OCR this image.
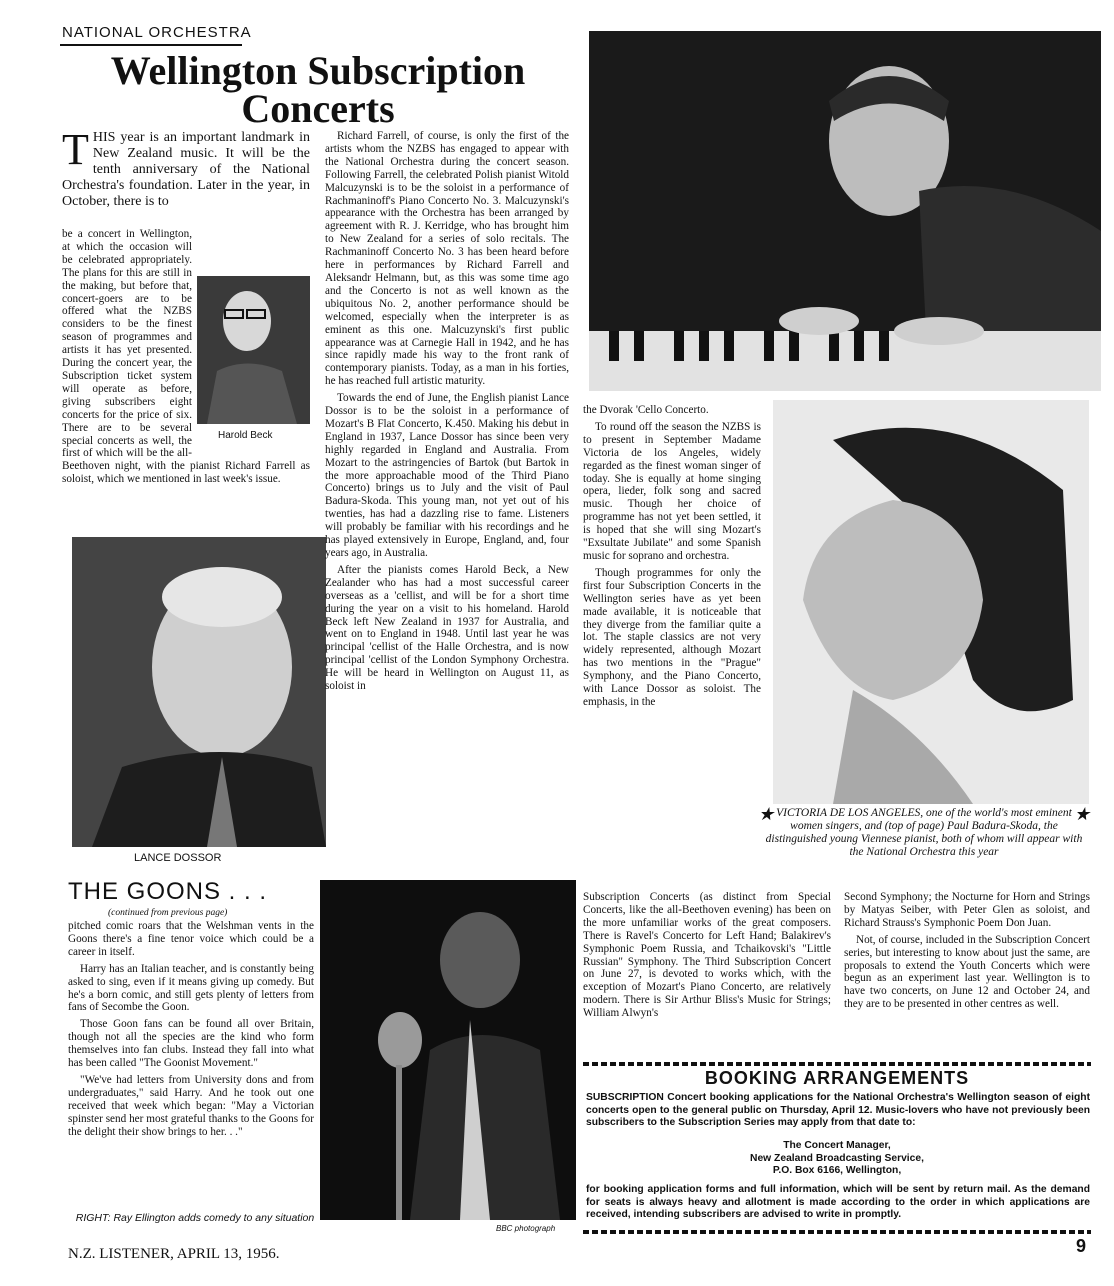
NATIONAL ORCHESTRA
Wellington Subscription
Concerts
THIS year is an important landmark in New Zealand music. It will be the tenth anniversary of the National Orchestra's foundation. Later in the year, in October, there is to
Harold Beck
be a concert in Wellington, at which the occasion will be celebrated appropriately. The plans for this are still in the making, but before that, concert-goers are to be offered what the NZBS considers to be the finest season of programmes and artists it has yet presented. During the concert year, the Subscription ticket system will operate as before, giving subscribers eight concerts for the price of six. There are to be several special concerts as well, the first of which will be the all-Beethoven night, with the pianist Richard Farrell as soloist, which we mentioned in last week's issue.
LANCE DOSSOR

Richard Farrell, of course, is only the first of the artists whom the NZBS has engaged to appear with the National Orchestra during the concert season. Following Farrell, the celebrated Polish pianist Witold Malcuzynski is to be the soloist in a performance of Rachmaninoff's Piano Concerto No. 3. Malcuzynski's appearance with the Orchestra has been arranged by agreement with R. J. Kerridge, who has brought him to New Zealand for a series of solo recitals. The Rachmaninoff Concerto No. 3 has been heard before here in performances by Richard Farrell and Aleksandr Helmann, but, as this was some time ago and the Concerto is not as well known as the ubiquitous No. 2, another performance should be welcomed, especially when the interpreter is as eminent as this one. Malcuzynski's first public appearance was at Carnegie Hall in 1942, and he has since rapidly made his way to the front rank of contemporary pianists. Today, as a man in his forties, he has reached full artistic maturity.

Towards the end of June, the English pianist Lance Dossor is to be the soloist in a performance of Mozart's B Flat Concerto, K.450. Making his debut in England in 1937, Lance Dossor has since been very highly regarded in England and Australia. From Mozart to the astringencies of Bartok (but Bartok in the more approachable mood of the Third Piano Concerto) brings us to July and the visit of Paul Badura-Skoda. This young man, not yet out of his twenties, has had a dazzling rise to fame. Listeners will probably be familiar with his recordings and he has played extensively in Europe, England, and, four years ago, in Australia.

After the pianists comes Harold Beck, a New Zealander who has had a most successful career overseas as a 'cellist, and will be for a short time during the year on a visit to his homeland. Harold Beck left New Zealand in 1937 for Australia, and went on to England in 1948. Until last year he was principal 'cellist of the Halle Orchestra, and is now principal 'cellist of the London Symphony Orchestra. He will be heard in Wellington on August 11, as soloist in

the Dvorak 'Cello Concerto.

To round off the season the NZBS is to present in September Madame Victoria de los Angeles, widely regarded as the finest woman singer of today. She is equally at home singing opera, lieder, folk song and sacred music. Though her choice of programme has not yet been settled, it is hoped that she will sing Mozart's "Exsultate Jubilate" and some Spanish music for soprano and orchestra.

Though programmes for only the first four Subscription Concerts in the Wellington series have as yet been made available, it is noticeable that they diverge from the familiar quite a lot. The staple classics are not very widely represented, although Mozart has two mentions in the "Prague" Symphony, and the Piano Concerto, with Lance Dossor as soloist. The emphasis, in the

★	★
VICTORIA DE LOS ANGELES, one of the world's most eminent women singers, and (top of page) Paul Badura-Skoda, the distinguished young Viennese pianist, both of whom will appear with the National Orchestra this year
THE GOONS . . .
(continued from previous page)

pitched comic roars that the Welshman vents in the Goons there's a fine tenor voice which could be a career in itself.

Harry has an Italian teacher, and is constantly being asked to sing, even if it means giving up comedy. But he's a born comic, and still gets plenty of letters from fans of Secombe the Goon.

Those Goon fans can be found all over Britain, though not all the species are the kind who form themselves into fan clubs. Instead they fall into what has been called "The Goonist Movement."

"We've had letters from University dons and from undergraduates," said Harry. And he took out one received that week which began: "May a Victorian spinster send her most grateful thanks to the Goons for the delight their show brings to her. . ."

RIGHT: Ray Ellington adds comedy to any situation
BBC photograph
Subscription Concerts (as distinct from Special Concerts, like the all-Beethoven evening) has been on the more unfamiliar works of the great composers. There is Ravel's Concerto for Left Hand; Balakirev's Symphonic Poem Russia, and Tchaikovski's "Little Russian" Symphony. The Third Subscription Concert on June 27, is devoted to works which, with the exception of Mozart's Piano Concerto, are relatively modern. There is Sir Arthur Bliss's Music for Strings; William Alwyn's

Second Symphony; the Nocturne for Horn and Strings by Matyas Seiber, with Peter Glen as soloist, and Richard Strauss's Symphonic Poem Don Juan.

Not, of course, included in the Subscription Concert series, but interesting to know about just the same, are proposals to extend the Youth Concerts which were begun as an experiment last year. Wellington is to have two concerts, on June 12 and October 24, and they are to be presented in other centres as well.

BOOKING ARRANGEMENTS
SUBSCRIPTION Concert booking applications for the National Orchestra's Wellington season of eight concerts open to the general public on Thursday, April 12. Music-lovers who have not previously been subscribers to the Subscription Series may apply from that date to:
The Concert Manager,
New Zealand Broadcasting Service,
P.O. Box 6166, Wellington,
for booking application forms and full information, which will be sent by return mail. As the demand for seats is always heavy and allotment is made according to the order in which applications are received, intending subscribers are advised to write in promptly.
N.Z. LISTENER, APRIL 13, 1956.	9
